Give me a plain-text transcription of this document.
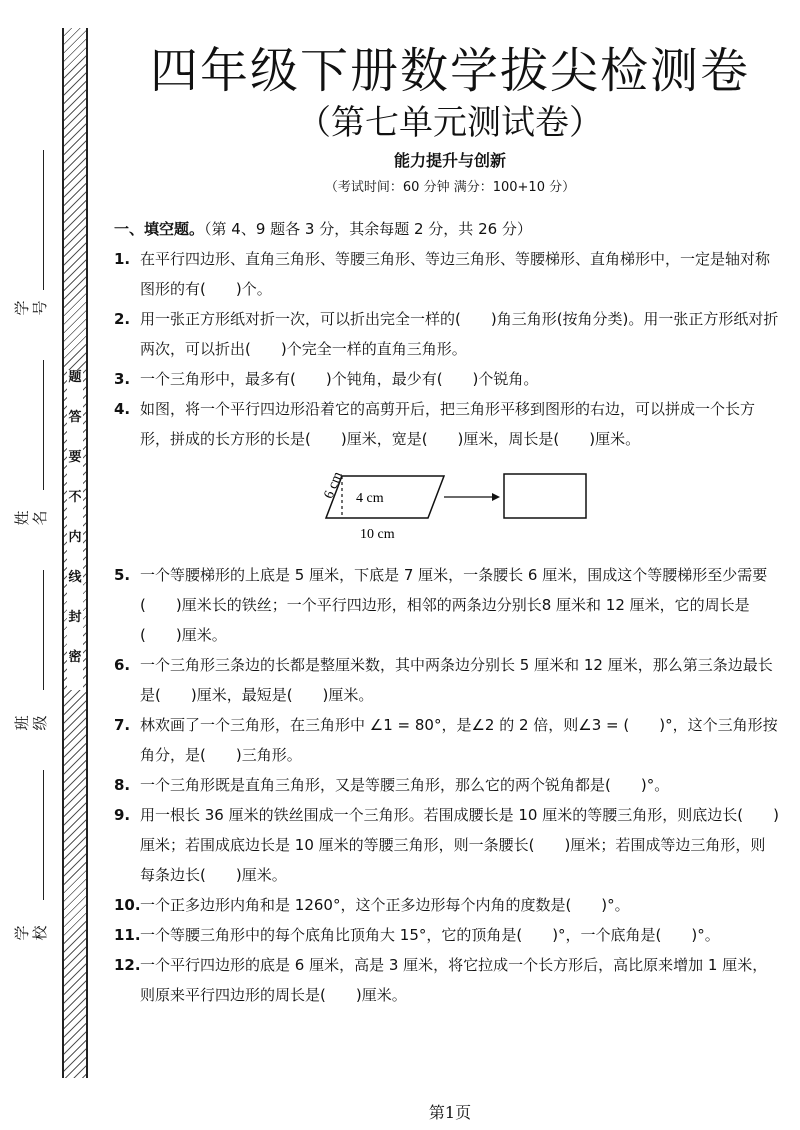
题
答
要
不
内
线
封
密
学号
姓名
班级
学校
四年级下册数学拔尖检测卷
（第七单元测试卷）
能力提升与创新
（考试时间：60 分钟 满分：100+10 分）
一、填空题。（第 4、9 题各 3 分，其余每题 2 分，共 26 分）
1. 在平行四边形、直角三角形、等腰三角形、等边三角形、等腰梯形、直角梯形中，一定是轴对称图形的有(　　)个。
2. 用一张正方形纸对折一次，可以折出完全一样的(　　)角三角形(按角分类)。用一张正方形纸对折两次，可以折出(　　)个完全一样的直角三角形。
3. 一个三角形中，最多有(　　)个钝角，最少有(　　)个锐角。
4. 如图，将一个平行四边形沿着它的高剪开后，把三角形平移到图形的右边，可以拼成一个长方形，拼成的长方形的长是(　　)厘米，宽是(　　)厘米，周长是(　　)厘米。
4 cm
6 cm
10 cm
5. 一个等腰梯形的上底是 5 厘米，下底是 7 厘米，一条腰长 6 厘米，围成这个等腰梯形至少需要(　　)厘米长的铁丝；一个平行四边形，相邻的两条边分别长8 厘米和 12 厘米，它的周长是(　　)厘米。
6. 一个三角形三条边的长都是整厘米数，其中两条边分别长 5 厘米和 12 厘米，那么第三条边最长是(　　)厘米，最短是(　　)厘米。
7. 林欢画了一个三角形，在三角形中 ∠1 = 80°，是∠2 的 2 倍，则∠3 = (　　)°，这个三角形按角分，是(　　)三角形。
8. 一个三角形既是直角三角形，又是等腰三角形，那么它的两个锐角都是(　　)°。
9. 用一根长 36 厘米的铁丝围成一个三角形。若围成腰长是 10 厘米的等腰三角形，则底边长(　　)厘米；若围成底边长是 10 厘米的等腰三角形，则一条腰长(　　)厘米；若围成等边三角形，则每条边长(　　)厘米。
10. 一个正多边形内角和是 1260°，这个正多边形每个内角的度数是(　　)°。
11. 一个等腰三角形中的每个底角比顶角大 15°，它的顶角是(　　)°，一个底角是(　　)°。
12. 一个平行四边形的底是 6 厘米，高是 3 厘米，将它拉成一个长方形后，高比原来增加 1 厘米，则原来平行四边形的周长是(　　)厘米。
第1页
